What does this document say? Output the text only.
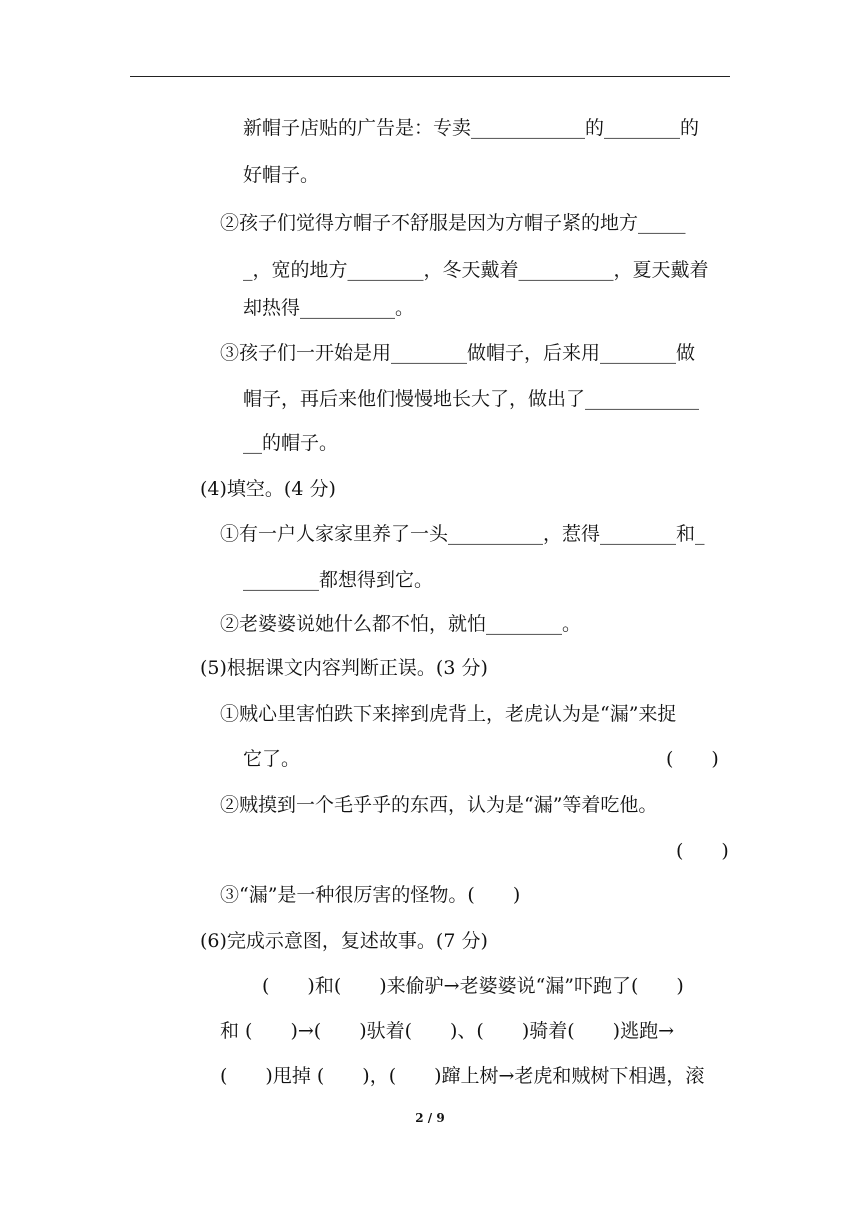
新帽子店贴的广告是：专卖____________的________的
好帽子。
②孩子们觉得方帽子不舒服是因为方帽子紧的地方_____
_，宽的地方________，冬天戴着__________，夏天戴着
却热得__________。
③孩子们一开始是用________做帽子，后来用________做
帽子，再后来他们慢慢地长大了，做出了____________
__的帽子。
(4)填空。(4 分)
①有一户人家家里养了一头__________，惹得________和_
________都想得到它。
②老婆婆说她什么都不怕，就怕________。
(5)根据课文内容判断正误。(3 分)
①贼心里害怕跌下来摔到虎背上，老虎认为是“漏”来捉
它了。	(　　)
②贼摸到一个毛乎乎的东西，认为是“漏”等着吃他。
(　　)
③“漏”是一种很厉害的怪物。(　　)
(6)完成示意图，复述故事。(7 分)
(　　)和(　　)来偷驴→老婆婆说“漏”吓跑了(　　)
和 (　　)→(　　)驮着(　　)、(　　)骑着(　　)逃跑→
(　　)甩掉 (　　)，(　　)蹿上树→老虎和贼树下相遇，滚
2 / 9
